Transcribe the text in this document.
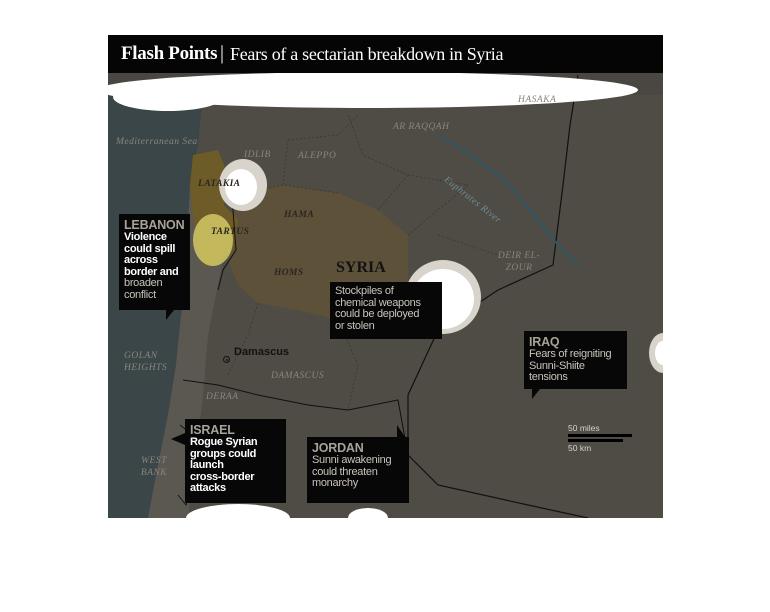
Flash Points | Fears of a sectarian breakdown in Syria
Mediterranean Sea
HASAKA
AR RAQQAH
IDLIB	ALEPPO
Euphrates River
DEIR EL-ZOUR
GOLAN HEIGHTS
DAMASCUS
DERAA
WEST BANK
LATAKIA
TARTUS
HAMA
HOMS SYRIA
Damascus
LEBANON
Violence
could spill
across
border and
broaden
conflict	Stockpiles of
chemical weapons
could be deployed
or stolen
IRAQ
Fears of reigniting
Sunni-Shiite
tensions
ISRAEL
Rogue Syrian
groups could
launch
cross-border
attacks
JORDAN
Sunni awakening
could threaten
monarchy
50 miles
50 km
